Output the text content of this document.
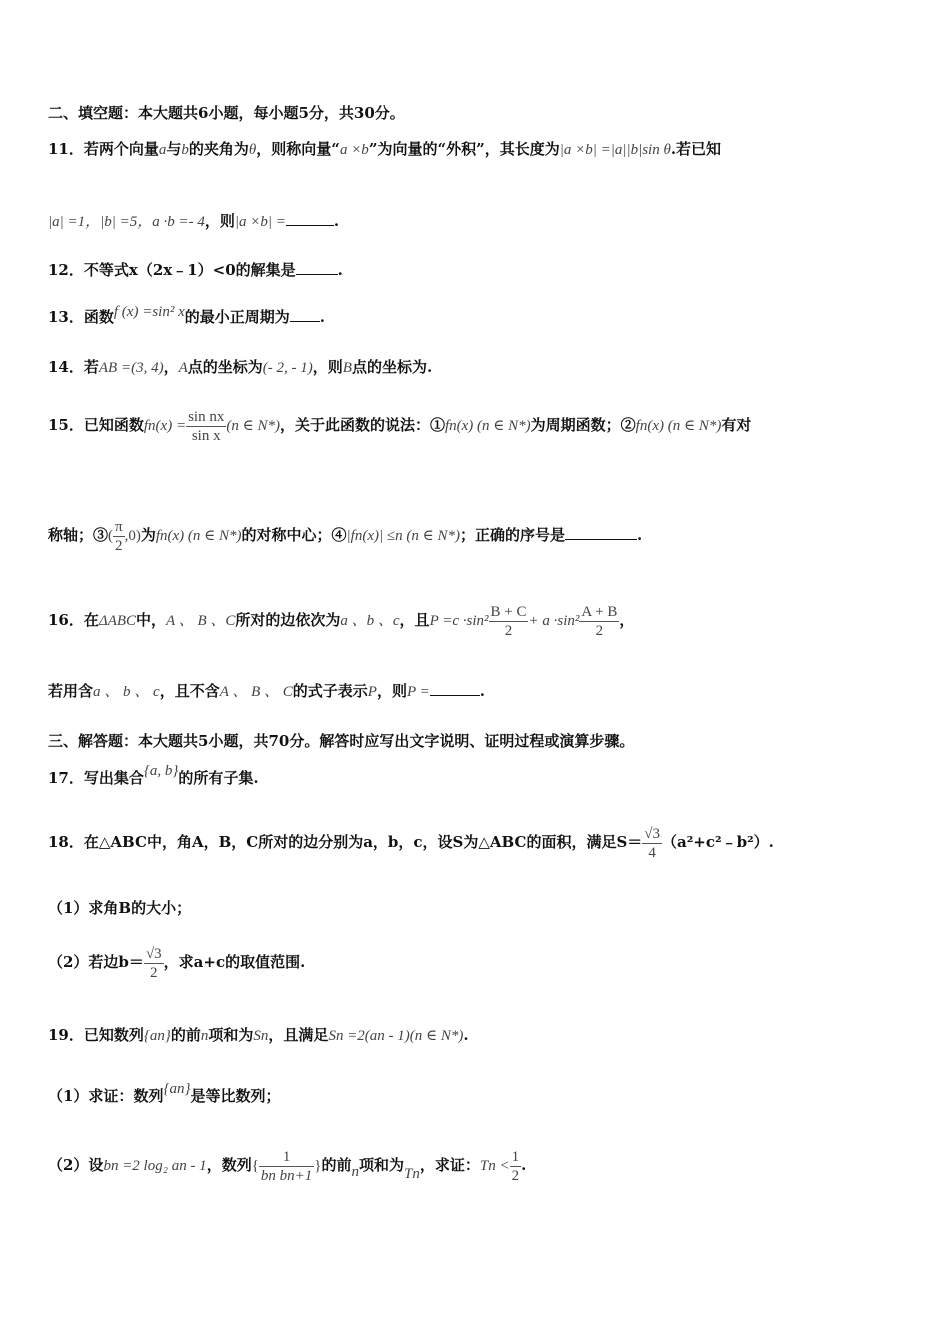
二、填空题：本大题共6小题，每小题5分，共30分。
11．若两个向量a与b的夹角为θ，则称向量“a ×b”为向量的“外积”，其长度为|a ×b| =|a||b|sin θ.若已知
|a| =1，|b| =5，a ·b =- 4，则|a ×b| =	.
12．不等式x（2x﹣1）<0的解集是	.
13．函数f (x) =sin² x的最小正周期为 .
14．若AB =(3, 4)，A点的坐标为(- 2, - 1)，则B点的坐标为.
15．已知函数$fn(x) = \frac{\text{sin nx}}{\text{sin x}} (n$ ∈ N*)，关于此函数的说法：①fn(x) (n ∈ N*)为周期函数；②fn(x) (n ∈ N*)有对
称轴；③( $\frac{\pi}{2} ,0$)为fn(x) (n ∈ N*)的对称中心；④|fn(x)| ≤n (n ∈ N*)；正确的序号是	.
16．在ΔABC中，A 、 B 、C所对的边依次为a 、b 、c，且$P =c \cdot\sin^2 \frac{B + C}{2} + a \cdot\sin^2 \frac{A + B}{2}$ ，
若用含a 、 b 、 c，且不含A 、 B 、 C的式子表示P，则P =	.
三、解答题：本大题共5小题，共70分。解答时应写出文字说明、证明过程或演算步骤。
17．写出集合{a, b}的所有子集.
18．在△ABC中，角A，B，C所对的边分别为a，b，c，设S为△ABC的面积，满足$S= \frac{√3}{4}$ （a²+c²﹣b²）.
（1）求角B的大小；
（2）若边$b= \frac{√3}{2}$ ，求a+c的取值范围.
19．已知数列{an}的前n项和为Sn，且满足Sn =2(an - 1)(n ∈ N*).
（1）求证：数列{an}是等比数列；
（2）设bn =2 log₂ an - 1，数列{ $\frac{1}{\text{bn bn+1}}$ }的前n项和为Tn，求证：$Tn < \frac{1}{2}$ .
